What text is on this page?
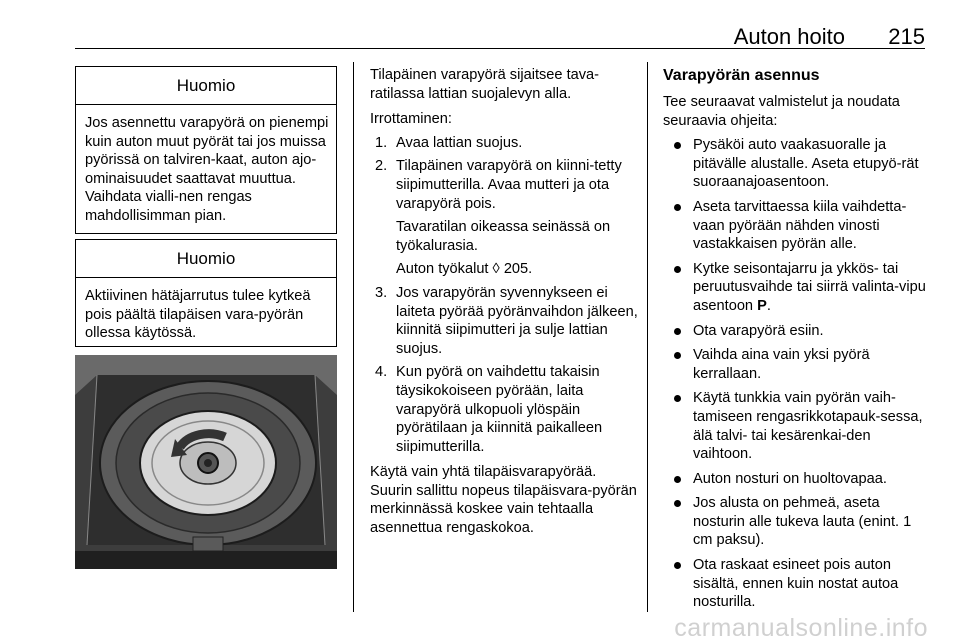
Auton hoito 215
Huomio
Jos asennettu varapyörä on pienempi kuin auton muut pyörät tai jos muissa pyörissä on talviren-kaat, auton ajo-ominaisuudet saattavat muuttua. Vaihdata vialli-nen rengas mahdollisimman pian.
Huomio
Aktiivinen hätäjarrutus tulee kytkeä pois päältä tilapäisen vara-pyörän ollessa käytössä.

Tilapäinen varapyörä sijaitsee tava-ratilassa lattian suojalevyn alla.

Irrottaminen:

1. Avaa lattian suojus.
2. Tilapäinen varapyörä on kiinni-tetty siipimutterilla. Avaa mutteri ja ota varapyörä pois.

Tavaratilan oikeassa seinässä on työkalurasia.

Auton työkalut ◊ 205.

3. Jos varapyörän syvennykseen ei laiteta pyörää pyöränvaihdon jälkeen, kiinnitä siipimutteri ja sulje lattian suojus.
4. Kun pyörä on vaihdettu takaisin täysikokoiseen pyörään, laita varapyörä ulkopuoli ylöspäin pyörätilaan ja kiinnitä paikalleen siipimutterilla.

Käytä vain yhtä tilapäisvarapyörää. Suurin sallittu nopeus tilapäisvara-pyörän merkinnässä koskee vain tehtaalla asennettua rengaskokoa.

Varapyörän asennus

Tee seuraavat valmistelut ja noudata seuraavia ohjeita:

Pysäköi auto vaakasuoralle ja pitävälle alustalle. Aseta etupyö-rät suoraanajoasentoon.
Aseta tarvittaessa kiila vaihdetta-vaan pyörään nähden vinosti vastakkaisen pyörän alle.
Kytke seisontajarru ja ykkös- tai peruutusvaihde tai siirrä valinta-vipu asentoon P.
Ota varapyörä esiin.
Vaihda aina vain yksi pyörä kerrallaan.
Käytä tunkkia vain pyörän vaih-tamiseen rengasrikkotapauk-sessa, älä talvi- tai kesärenkai-den vaihtoon.
Auton nosturi on huoltovapaa.
Jos alusta on pehmeä, aseta nosturin alle tukeva lauta (enint. 1 cm paksu).
Ota raskaat esineet pois auton sisältä, ennen kuin nostat autoa nosturilla.
carmanualsonline.info
